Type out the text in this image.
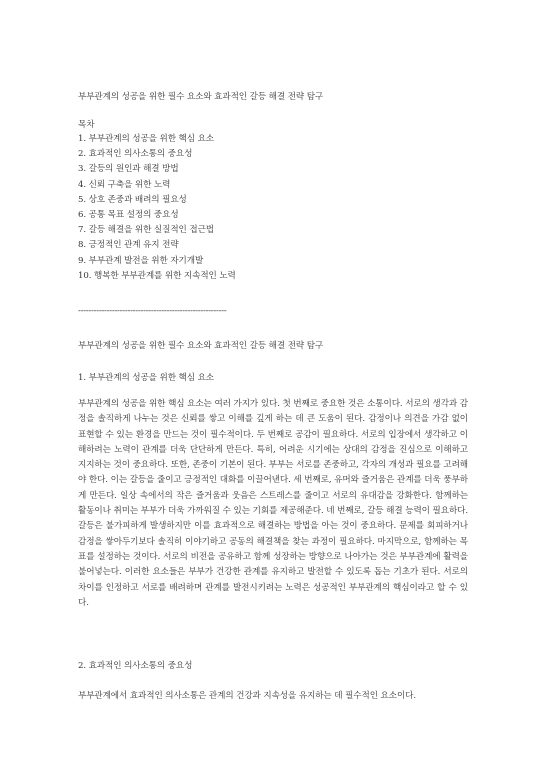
부부관계의 성공을 위한 필수 요소와 효과적인 갈등 해결 전략 탐구
목차
1. 부부관계의 성공을 위한 핵심 요소
2. 효과적인 의사소통의 중요성
3. 갈등의 원인과 해결 방법
4. 신뢰 구축을 위한 노력
5. 상호 존중과 배려의 필요성
6. 공통 목표 설정의 중요성
7. 갈등 해결을 위한 실질적인 접근법
8. 긍정적인 관계 유지 전략
9. 부부관계 발전을 위한 자기개발
10. 행복한 부부관계를 위한 지속적인 노력
---------------------------------------------------------
부부관계의 성공을 위한 필수 요소와 효과적인 갈등 해결 전략 탐구
1. 부부관계의 성공을 위한 핵심 요소

부부관계의 성공을 위한 핵심 요소는 여러 가지가 있다. 첫 번째로 중요한 것은 소통이다. 서로의 생각과 감정을 솔직하게 나누는 것은 신뢰를 쌓고 이해를 깊게 하는 데 큰 도움이 된다. 감정이나 의견을 가감 없이 표현할 수 있는 환경을 만드는 것이 필수적이다. 두 번째로 공감이 필요하다. 서로의 입장에서 생각하고 이해하려는 노력이 관계를 더욱 단단하게 만든다. 특히, 어려운 시기에는 상대의 감정을 진심으로 이해하고 지지하는 것이 중요하다. 또한, 존중이 기본이 된다. 부부는 서로를 존중하고, 각자의 개성과 필요를 고려해야 한다. 이는 갈등을 줄이고 긍정적인 대화를 이끌어낸다. 세 번째로, 유머와 즐거움은 관계를 더욱 풍부하게 만든다. 일상 속에서의 작은 즐거움과 웃음은 스트레스를 줄이고 서로의 유대감을 강화한다. 함께하는 활동이나 취미는 부부가 더욱 가까워질 수 있는 기회를 제공해준다. 네 번째로, 갈등 해결 능력이 필요하다. 갈등은 불가피하게 발생하지만 이를 효과적으로 해결하는 방법을 아는 것이 중요하다. 문제를 회피하거나 감정을 쌓아두기보다 솔직히 이야기하고 공동의 해결책을 찾는 과정이 필요하다. 마지막으로, 함께하는 목표를 설정하는 것이다. 서로의 비전을 공유하고 함께 성장하는 방향으로 나아가는 것은 부부관계에 활력을 불어넣는다. 이러한 요소들은 부부가 건강한 관계를 유지하고 발전할 수 있도록 돕는 기초가 된다. 서로의 차이를 인정하고 서로를 배려하며 관계를 발전시키려는 노력은 성공적인 부부관계의 핵심이라고 할 수 있다.

2. 효과적인 의사소통의 중요성

부부관계에서 효과적인 의사소통은 관계의 건강과 지속성을 유지하는 데 필수적인 요소이다.
